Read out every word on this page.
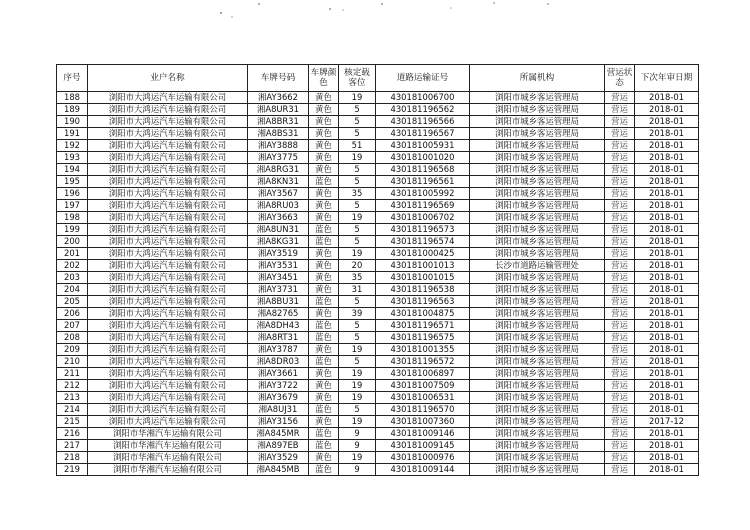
序号	业户名称	车牌号码	车牌颜色	核定载客位	道路运输证号	所属机构	营运状态	下次年审日期
188	浏阳市大鸿运汽车运输有限公司	湘AY3662	黄色	19	430181006700	浏阳市城乡客运管理局	营运	2018-01
189	浏阳市大鸿运汽车运输有限公司	湘A8UR31	黄色	5	430181196562	浏阳市城乡客运管理局	营运	2018-01
190	浏阳市大鸿运汽车运输有限公司	湘A8BR31	黄色	5	430181196566	浏阳市城乡客运管理局	营运	2018-01
191	浏阳市大鸿运汽车运输有限公司	湘A8BS31	黄色	5	430181196567	浏阳市城乡客运管理局	营运	2018-01
192	浏阳市大鸿运汽车运输有限公司	湘AY3888	黄色	51	430181005931	浏阳市城乡客运管理局	营运	2018-01
193	浏阳市大鸿运汽车运输有限公司	湘AY3775	黄色	19	430181001020	浏阳市城乡客运管理局	营运	2018-01
194	浏阳市大鸿运汽车运输有限公司	湘A8RG31	黄色	5	430181196568	浏阳市城乡客运管理局	营运	2018-01
195	浏阳市大鸿运汽车运输有限公司	湘A8KN31	蓝色	5	430181196561	浏阳市城乡客运管理局	营运	2018-01
196	浏阳市大鸿运汽车运输有限公司	湘AY3567	黄色	35	430181005992	浏阳市城乡客运管理局	营运	2018-01
197	浏阳市大鸿运汽车运输有限公司	湘A8RU03	黄色	5	430181196569	浏阳市城乡客运管理局	营运	2018-01
198	浏阳市大鸿运汽车运输有限公司	湘AY3663	黄色	19	430181006702	浏阳市城乡客运管理局	营运	2018-01
199	浏阳市大鸿运汽车运输有限公司	湘A8UN31	蓝色	5	430181196573	浏阳市城乡客运管理局	营运	2018-01
200	浏阳市大鸿运汽车运输有限公司	湘A8KG31	蓝色	5	430181196574	浏阳市城乡客运管理局	营运	2018-01
201	浏阳市大鸿运汽车运输有限公司	湘AY3519	黄色	19	430181000425	浏阳市城乡客运管理局	营运	2018-01
202	浏阳市大鸿运汽车运输有限公司	湘AY3531	黄色	20	430181001013	长沙市道路运输管理处	营运	2018-01
203	浏阳市大鸿运汽车运输有限公司	湘AY3451	黄色	35	430181001015	浏阳市城乡客运管理局	营运	2018-01
204	浏阳市大鸿运汽车运输有限公司	湘AY3731	黄色	31	430181196538	浏阳市城乡客运管理局	营运	2018-01
205	浏阳市大鸿运汽车运输有限公司	湘A8BU31	蓝色	5	430181196563	浏阳市城乡客运管理局	营运	2018-01
206	浏阳市大鸿运汽车运输有限公司	湘A82765	黄色	39	430181004875	浏阳市城乡客运管理局	营运	2018-01
207	浏阳市大鸿运汽车运输有限公司	湘A8DH43	蓝色	5	430181196571	浏阳市城乡客运管理局	营运	2018-01
208	浏阳市大鸿运汽车运输有限公司	湘A8RT31	蓝色	5	430181196575	浏阳市城乡客运管理局	营运	2018-01
209	浏阳市大鸿运汽车运输有限公司	湘AY3787	黄色	19	430181001355	浏阳市城乡客运管理局	营运	2018-01
210	浏阳市大鸿运汽车运输有限公司	湘A8DR03	蓝色	5	430181196572	浏阳市城乡客运管理局	营运	2018-01
211	浏阳市大鸿运汽车运输有限公司	湘AY3661	黄色	19	430181006897	浏阳市城乡客运管理局	营运	2018-01
212	浏阳市大鸿运汽车运输有限公司	湘AY3722	黄色	19	430181007509	浏阳市城乡客运管理局	营运	2018-01
213	浏阳市大鸿运汽车运输有限公司	湘AY3679	黄色	19	430181006531	浏阳市城乡客运管理局	营运	2018-01
214	浏阳市大鸿运汽车运输有限公司	湘A8UJ31	蓝色	5	430181196570	浏阳市城乡客运管理局	营运	2018-01
215	浏阳市大鸿运汽车运输有限公司	湘AY3156	黄色	19	430181007360	浏阳市城乡客运管理局	营运	2017-12
216	浏阳市华湘汽车运输有限公司	湘A845MR	蓝色	9	430181009146	浏阳市城乡客运管理局	营运	2018-01
217	浏阳市华湘汽车运输有限公司	湘A897EB	蓝色	9	430181009145	浏阳市城乡客运管理局	营运	2018-01
218	浏阳市华湘汽车运输有限公司	湘AY3529	黄色	19	430181000976	浏阳市城乡客运管理局	营运	2018-01
219	浏阳市华湘汽车运输有限公司	湘A845MB	蓝色	9	430181009144	浏阳市城乡客运管理局	营运	2018-01
